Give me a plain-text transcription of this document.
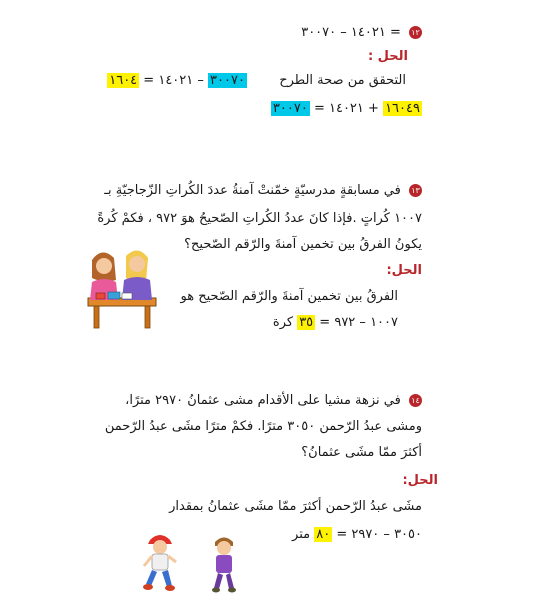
١٢ = ١٤٠٢١ – ٣٠٠٧٠
الحل :
التحقق من صحة الطرح  ٣٠٠٧٠ – ١٤٠٢١ = ١٦٠٤
١٦٠٤٩ + ١٤٠٢١ = ٣٠٠٧٠
١٣ في مسابقةٍ مدرسيّةٍ خمّنتْ آمنةُ عددَ الكُراتِ الزّجاجيّةِ بـ
١٠٠٧ كُراتٍ .فإذا كانَ عددُ الكُراتِ الصّحيحُ هوَ ٩٧٢ ، فكمْ كُرةً
يكونُ الفرقُ بين تخمين آمنةَ والرّقم الصّحيح؟
الحل:
الفرقُ بين تخمين آمنةَ والرّقم الصّحيح هو
١٠٠٧ – ٩٧٢ = ٣٥ كرة
١٤ في نزهة مشيا على الأقدام مشى عثمانُ ٢٩٧٠ مترًا،
ومشى عبدُ الرّحمن ٣٠٥٠ مترًا. فكمْ مترًا مشَى عبدُ الرّحمن
أكثرَ ممّا مشَى عثمانُ؟
الحل:
مشَى عبدُ الرّحمن أكثرَ ممّا مشَى عثمانُ بمقدار
٣٠٥٠ – ٢٩٧٠ = ٨٠ متر
